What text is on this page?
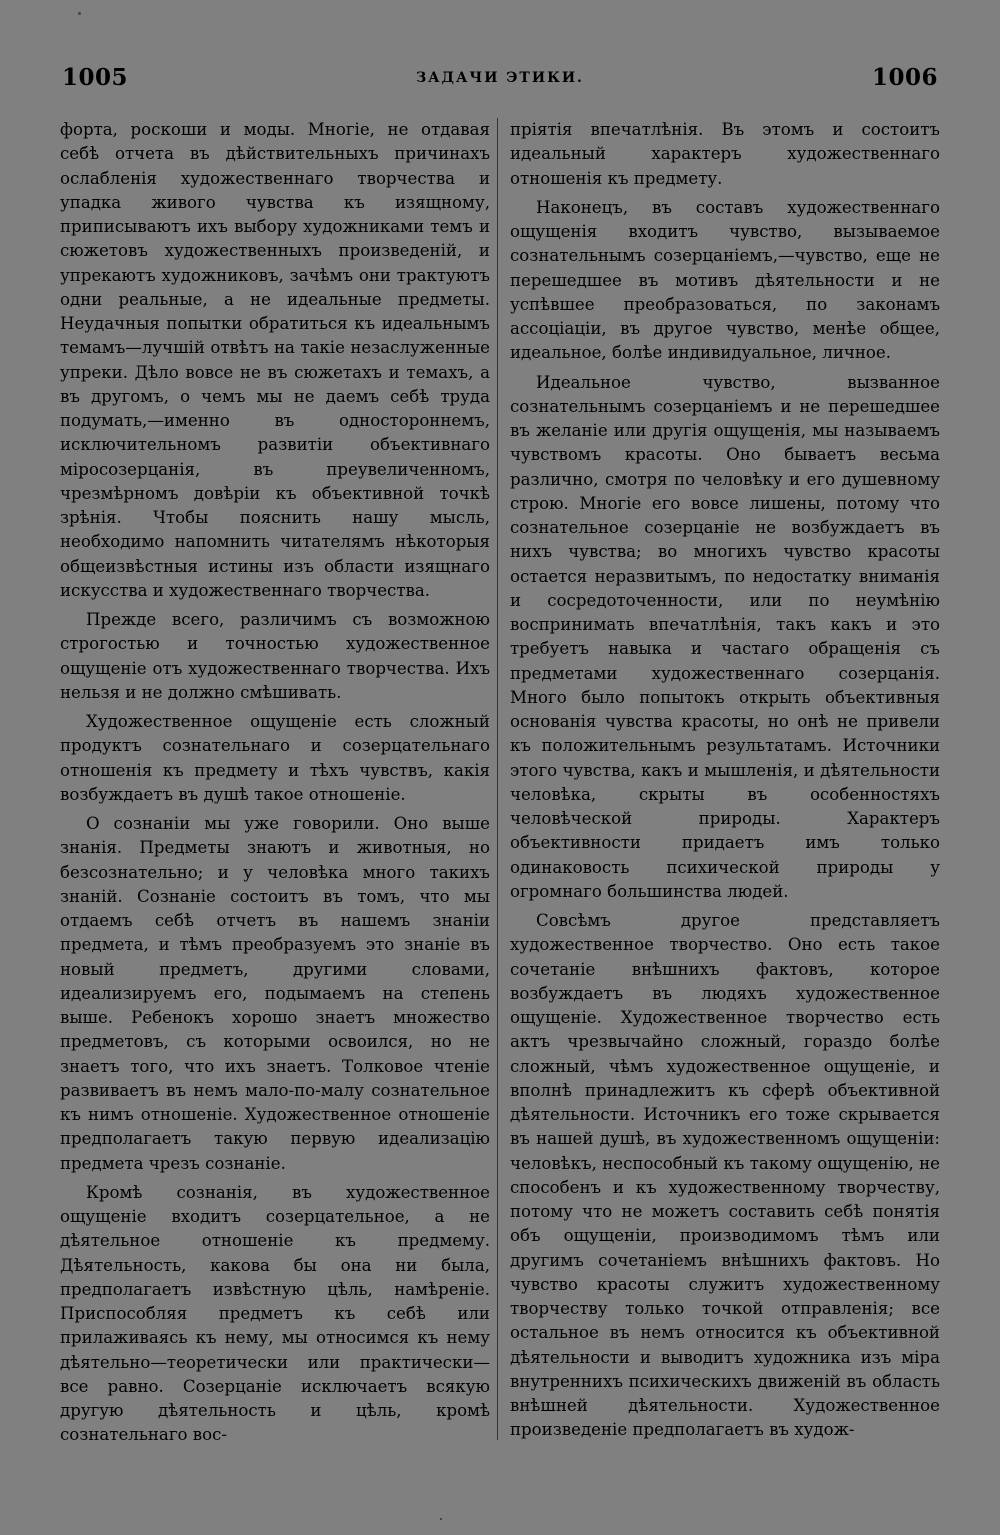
1005	ЗАДАЧИ ЭТИКИ.	1006

форта, роскоши и моды. Многіе, не отдавая себѣ отчета въ дѣйствительныхъ причинахъ ослабленія художественнаго творчества и упадка живого чувства къ изящному, приписываютъ ихъ выбору художниками темъ и сюжетовъ художественныхъ произведеній, и упрекаютъ художниковъ, зачѣмъ они трактуютъ одни реальные, а не идеальные предметы. Неудачныя попытки обратиться къ идеальнымъ темамъ—лучшій отвѣтъ на такіе незаслуженные упреки. Дѣло вовсе не въ сюжетахъ и темахъ, а въ другомъ, о чемъ мы не даемъ себѣ труда подумать,—именно въ одностороннемъ, исключительномъ развитіи объективнаго міросозерцанія, въ преувеличенномъ, чрезмѣрномъ довѣріи къ объективной точкѣ зрѣнія. Чтобы пояснить нашу мысль, необходимо напомнить читателямъ нѣкоторыя общеизвѣстныя истины изъ области изящнаго искусства и художественнаго творчества.

Прежде всего, различимъ съ возможною строгостью и точностью художественное ощущеніе отъ художественнаго творчества. Ихъ нельзя и не должно смѣшивать.

Художественное ощущеніе есть сложный продуктъ сознательнаго и созерцательнаго отношенія къ предмету и тѣхъ чувствъ, какія возбуждаетъ въ душѣ такое отношеніе.

О сознаніи мы уже говорили. Оно выше знанія. Предметы знаютъ и животныя, но безсознательно; и у человѣка много такихъ знаній. Сознаніе состоитъ въ томъ, что мы отдаемъ себѣ отчетъ въ нашемъ знаніи предмета, и тѣмъ преобразуемъ это знаніе въ новый предметъ, другими словами, идеализируемъ его, подымаемъ на степень выше. Ребенокъ хорошо знаетъ множество предметовъ, съ которыми освоился, но не знаетъ того, что ихъ знаетъ. Толковое чтеніе развиваетъ въ немъ мало-по-малу сознательное къ нимъ отношеніе. Художественное отношеніе предполагаетъ такую первую идеализацію предмета чрезъ сознаніе.

Кромѣ сознанія, въ художественное ощущеніе входитъ созерцательное, а не дѣятельное отношеніе къ предмему. Дѣятельность, какова бы она ни была, предполагаетъ извѣстную цѣль, намѣреніе. Приспособляя предметъ къ себѣ или прилаживаясь къ нему, мы относимся къ нему дѣятельно—теоретически или практически—все равно. Созерцаніе исключаетъ всякую другую дѣятельность и цѣль, кромѣ сознательнаго вос-

пріятія впечатлѣнія. Въ этомъ и состоитъ идеальный характеръ художественнаго отношенія къ предмету.

Наконецъ, въ составъ художественнаго ощущенія входитъ чувство, вызываемое сознательнымъ созерцаніемъ,—чувство, еще не перешедшее въ мотивъ дѣятельности и не успѣвшее преобразоваться, по законамъ ассоціаціи, въ другое чувство, менѣе общее, идеальное, болѣе индивидуальное, личное.

Идеальное чувство, вызванное сознательнымъ созерцаніемъ и не перешедшее въ желаніе или другія ощущенія, мы называемъ чувствомъ красоты. Оно бываетъ весьма различно, смотря по человѣку и его душевному строю. Многіе его вовсе лишены, потому что сознательное созерцаніе не возбуждаетъ въ нихъ чувства; во многихъ чувство красоты остается неразвитымъ, по недостатку вниманія и сосредоточенности, или по неумѣнію воспринимать впечатлѣнія, такъ какъ и это требуетъ навыка и частаго обращенія съ предметами художественнаго созерцанія. Много было попытокъ открыть объективныя основанія чувства красоты, но онѣ не привели къ положительнымъ результатамъ. Источники этого чувства, какъ и мышленія, и дѣятельности человѣка, скрыты въ особенностяхъ человѣческой природы. Характеръ объективности придаетъ имъ только одинаковость психической природы у огромнаго большинства людей.

Совсѣмъ другое представляетъ художественное творчество. Оно есть такое сочетаніе внѣшнихъ фактовъ, которое возбуждаетъ въ людяхъ художественное ощущеніе. Художественное творчество есть актъ чрезвычайно сложный, гораздо болѣе сложный, чѣмъ художественное ощущеніе, и вполнѣ принадлежитъ къ сферѣ объективной дѣятельности. Источникъ его тоже скрывается въ нашей душѣ, въ художественномъ ощущеніи: человѣкъ, неспособный къ такому ощущенію, не способенъ и къ художественному творчеству, потому что не можетъ составить себѣ понятія объ ощущеніи, производимомъ тѣмъ или другимъ сочетаніемъ внѣшнихъ фактовъ. Но чувство красоты служитъ художественному творчеству только точкой отправленія; все остальное въ немъ относится къ объективной дѣятельности и выводитъ художника изъ міра внутреннихъ психическихъ движеній въ область внѣшней дѣятельности. Художественное произведеніе предполагаетъ въ худож-
